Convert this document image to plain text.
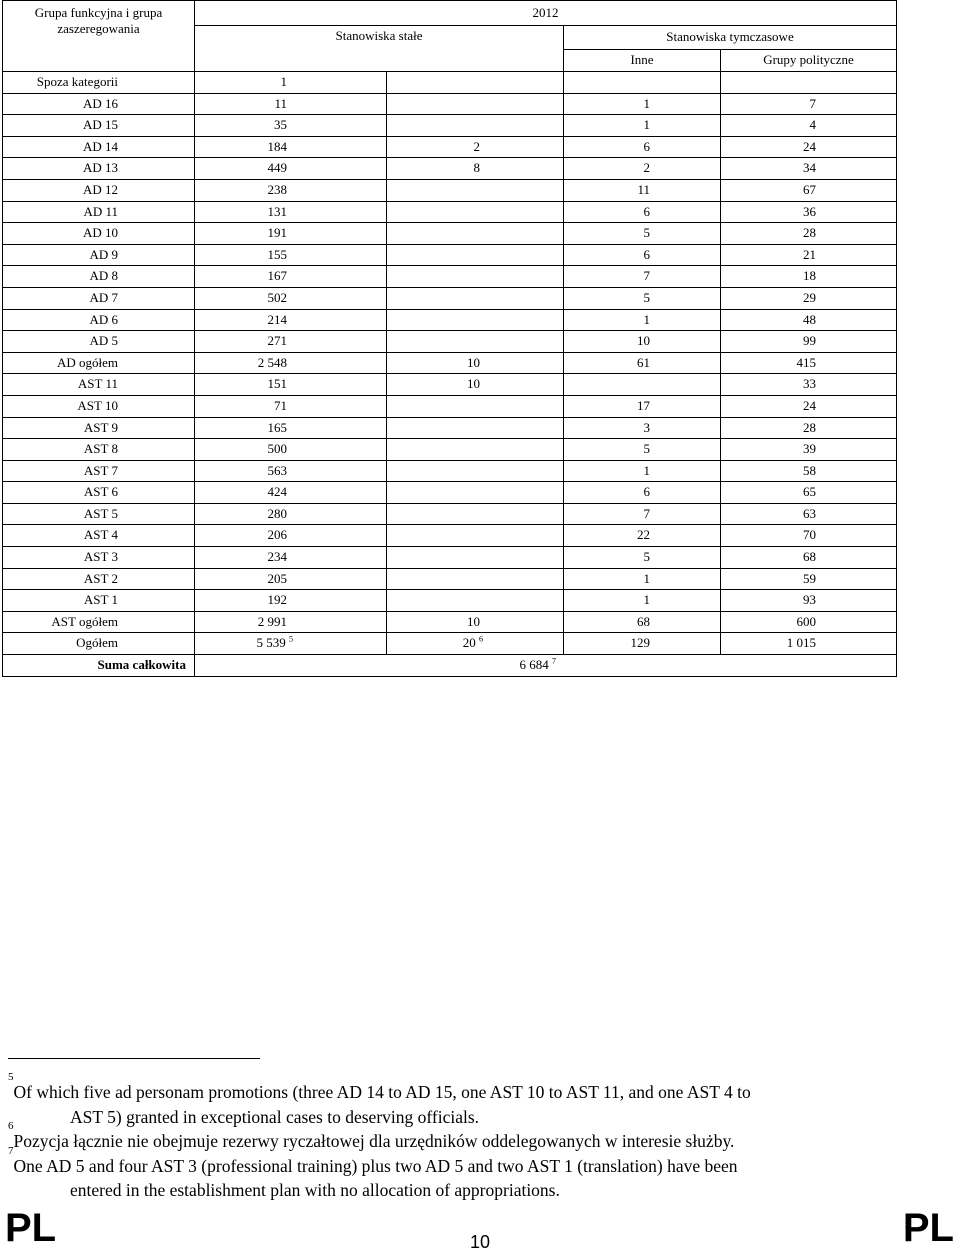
Grupa funkcyjna i grupa zaszeregowania	2012			
	Stanowiska stałe		Stanowiska tymczasowe	
			Inne	Grupy polityczne
Spoza kategorii	1			
AD 16	11		1	7
AD 15	35		1	4
AD 14	184	2	6	24
AD 13	449	8	2	34
AD 12	238		11	67
AD 11	131		6	36
AD 10	191		5	28
AD 9	155		6	21
AD 8	167		7	18
AD 7	502		5	29
AD 6	214		1	48
AD 5	271		10	99
AD ogółem	2 548	10	61	415
AST 11	151	10		33
AST 10	71		17	24
AST 9	165		3	28
AST 8	500		5	39
AST 7	563		1	58
AST 6	424		6	65
AST 5	280		7	63
AST 4	206		22	70
AST 3	234		5	68
AST 2	205		1	59
AST 1	192		1	93
AST ogółem	2 991	10	68	600
Ogółem	5 539 $^5$	20 $^6$	129	1 015
Suma całkowita	6 684 $^7$

$^5$Of which five ad personam promotions (three AD 14 to AD 15, one AST 10 to AST 11, and one AST 4 to
AST 5) granted in exceptional cases to deserving officials.

$^6$Pozycja łącznie nie obejmuje rezerwy ryczałtowej dla urzędników oddelegowanych w interesie służby.

$^7$One AD 5 and four AST 3 (professional training) plus two AD 5 and two AST 1 (translation) have been
entered in the establishment plan with no allocation of appropriations.

PL	10	PL
